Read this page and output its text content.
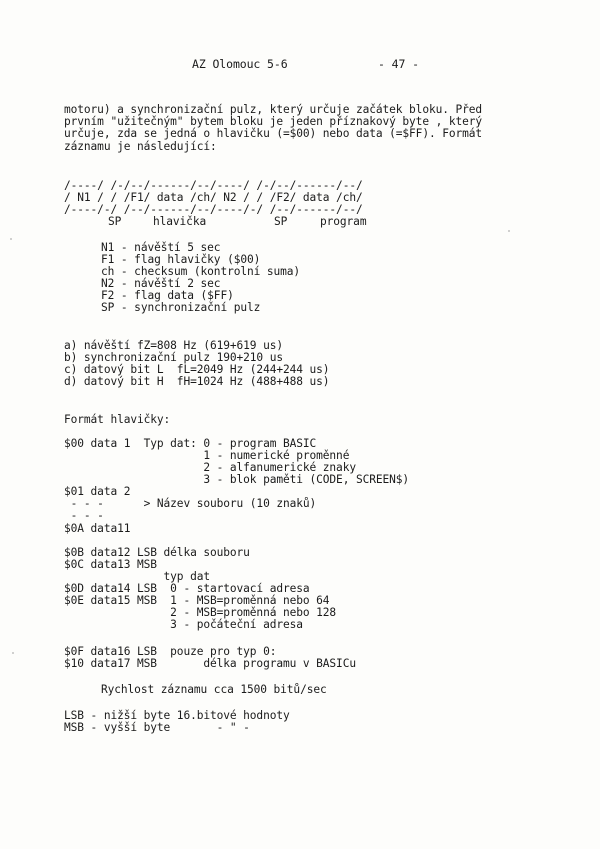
AZ Olomouc 5-6	- 47 -
motoru) a synchronizační pulz, který určuje začátek bloku. Před
prvním "užitečným" bytem bloku je jeden příznakový byte , který
určuje, zda se jedná o hlavičku (=$00) nebo data (=$FF). Formát
záznamu je následující:
/----/ /-/--/------/--/----/ /-/--/------/--/
/ N1 / / /F1/ data /ch/ N2 / / /F2/ data /ch/
/----/-/ /--/------/--/----/-/ /--/------/--/
SP	hlavička	SP	program
N1 - návěští 5 sec
F1 - flag hlavičky ($00)
ch - checksum (kontrolní suma)
N2 - návěští 2 sec
F2 - flag data ($FF)
SP - synchronizační pulz
a) návěští fZ=808 Hz (619+619 us)
b) synchronizační pulz 190+210 us
c) datový bit L  fL=2049 Hz (244+244 us)
d) datový bit H  fH=1024 Hz (488+488 us)
Formát hlavičky:
$00 data 1  Typ dat: 0 - program BASIC
1 - numerické proměnné
2 - alfanumerické znaky
3 - blok paměti (CODE, SCREEN$)
$01 data 2
- - -      > Název souboru (10 znaků)
- - -
$0A data11
$0B data12 LSB délka souboru
$0C data13 MSB
typ dat
$0D data14 LSB  0 - startovací adresa
$0E data15 MSB  1 - MSB=proměnná nebo 64
2 - MSB=proměnná nebo 128
3 - počáteční adresa
$0F data16 LSB  pouze pro typ 0:
$10 data17 MSB       délka programu v BASICu
Rychlost záznamu cca 1500 bitů/sec
LSB - nižší byte 16.bitové hodnoty
MSB - vyšší byte       - " -
